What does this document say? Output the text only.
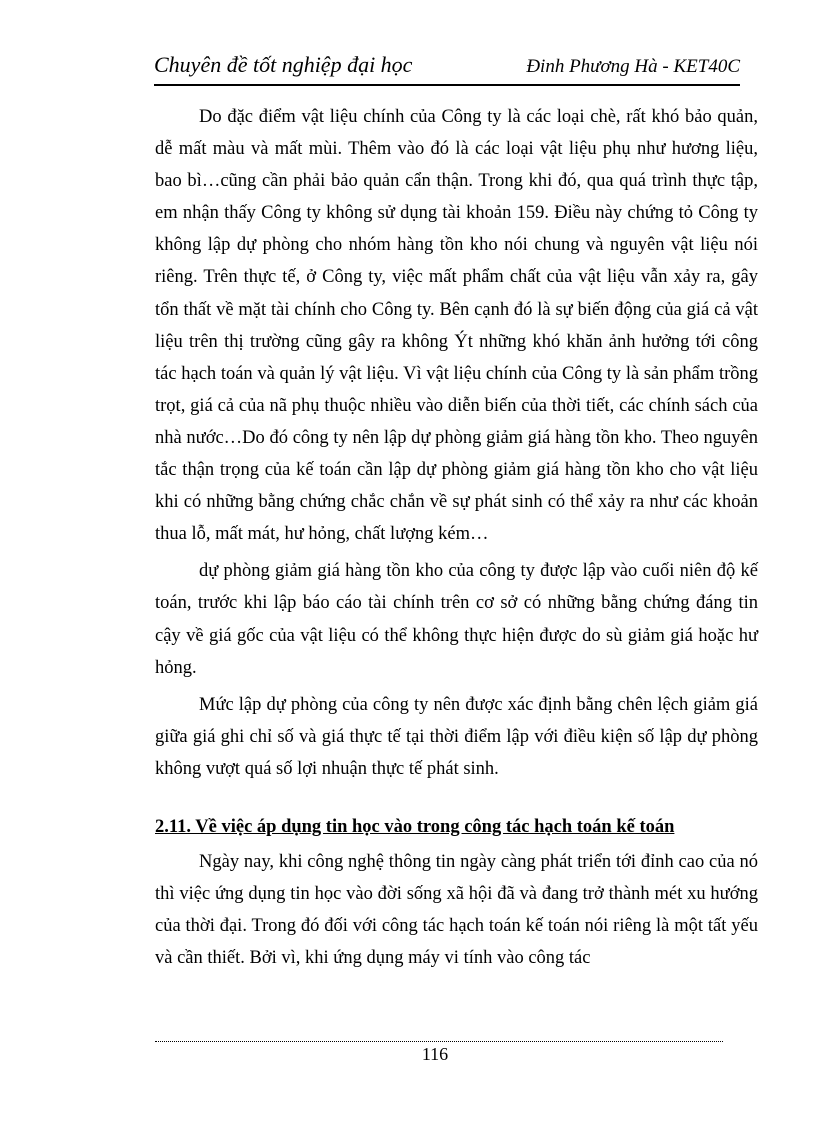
Chuyên đề tốt nghiệp đại học	Đinh Phương Hà - KET40C

Do đặc điểm vật liệu chính của Công ty là các loại chè, rất khó bảo quản, dễ mất màu và mất mùi. Thêm vào đó là các loại vật liệu phụ như hương liệu, bao bì…cũng cần phải bảo quản cẩn thận. Trong khi đó, qua quá trình thực tập, em nhận thấy Công ty không sử dụng tài khoản 159. Điều này chứng tỏ Công ty không lập dự phòng cho nhóm hàng tồn kho nói chung và nguyên vật liệu nói riêng. Trên thực tế, ở Công ty, việc mất phẩm chất của vật liệu vẫn xảy ra, gây tổn thất về mặt tài chính cho Công ty. Bên cạnh đó là sự biến động của giá cả vật liệu trên thị trường cũng gây ra không Ýt những khó khăn ảnh hưởng tới công tác hạch toán và quản lý vật liệu. Vì vật liệu chính của Công ty là sản phẩm trồng trọt, giá cả của nã phụ thuộc nhiều vào diễn biến của thời tiết, các chính sách của nhà nước…Do đó công ty nên lập dự phòng giảm giá hàng tồn kho. Theo nguyên tắc thận trọng của kế toán cần lập dự phòng giảm giá hàng tồn kho cho vật liệu khi có những bằng chứng chắc chắn về sự phát sinh có thể xảy ra như các khoản thua lỗ, mất mát, hư hỏng, chất lượng kém…

dự phòng giảm giá hàng tồn kho của công ty được lập vào cuối niên độ kế toán, trước khi lập báo cáo tài chính trên cơ sở có những bằng chứng đáng tin cậy về giá gốc của vật liệu có thể không thực hiện được do sù giảm giá hoặc hư hỏng.

Mức lập dự phòng của công ty nên được xác định bằng chên lệch giảm giá giữa giá ghi chỉ số và giá thực tế tại thời điểm lập với điều kiện số lập dự phòng không vượt quá số lợi nhuận thực tế phát sinh.

2.11. Về việc áp dụng tin học vào trong công tác hạch toán kế toán

Ngày nay, khi công nghệ thông tin ngày càng phát triển tới đỉnh cao của nó thì việc ứng dụng tin học vào đời sống xã hội đã và đang trở thành mét xu hướng của thời đại. Trong đó đối với công tác hạch toán kế toán nói riêng là một tất yếu và cần thiết. Bởi vì, khi ứng dụng máy vi tính vào công tác

116
